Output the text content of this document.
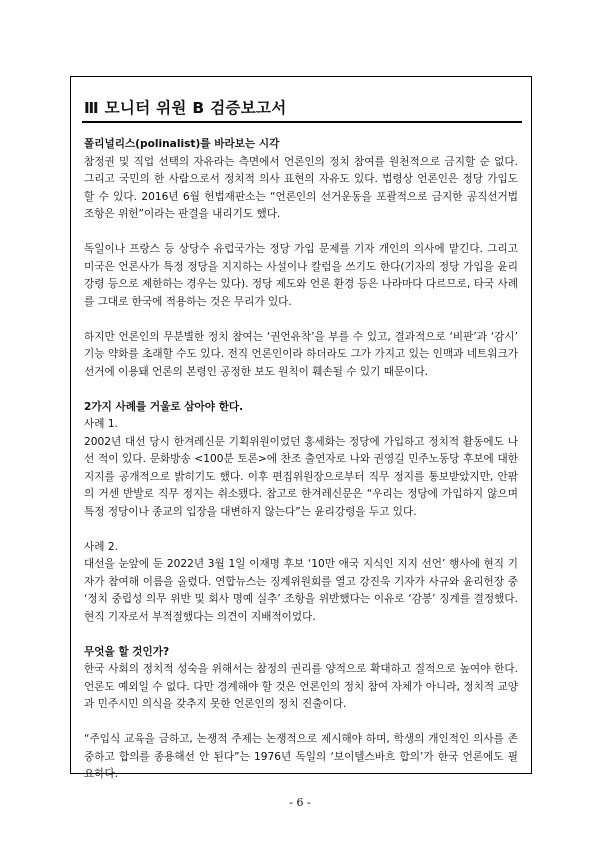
Ⅲ 모니터 위원 B 검증보고서

폴리널리스(polinalist)를 바라보는 시각

참정권 및 직업 선택의 자유라는 측면에서 언론인의 정치 참여를 원천적으로 금지할 순 없다. 그리고 국민의 한 사람으로서 정치적 의사 표현의 자유도 있다. 법령상 언론인은 정당 가입도 할 수 있다. 2016년 6월 헌법재판소는 “언론인의 선거운동을 포괄적으로 금지한 공직선거법 조항은 위헌”이라는 판결을 내리기도 했다.

독일이나 프랑스 등 상당수 유럽국가는 정당 가입 문제를 기자 개인의 의사에 맡긴다. 그리고 미국은 언론사가 특정 정당을 지지하는 사설이나 칼럼을 쓰기도 한다(기자의 정당 가입을 윤리강령 등으로 제한하는 경우는 있다). 정당 제도와 언론 환경 등은 나라마다 다르므로, 타국 사례를 그대로 한국에 적용하는 것은 무리가 있다.

하지만 언론인의 무분별한 정치 참여는 ‘권언유착’을 부를 수 있고, 결과적으로 ‘비판’과 ‘감시’ 기능 약화를 초래할 수도 있다. 전직 언론인이라 하더라도 그가 가지고 있는 인맥과 네트워크가 선거에 이용돼 언론의 본령인 공정한 보도 원칙이 훼손될 수 있기 때문이다.

2가지 사례를 거울로 삼아야 한다.

사례 1.

2002년 대선 당시 한겨레신문 기획위원이었던 홍세화는 정당에 가입하고 정치적 활동에도 나선 적이 있다. 문화방송 <100분 토론>에 찬조 출연자로 나와 권영길 민주노동당 후보에 대한 지지를 공개적으로 밝히기도 했다. 이후 편집위원장으로부터 직무 정지를 통보받았지만, 안팎의 거센 반발로 직무 정지는 취소됐다. 참고로 한겨레신문은 “우리는 정당에 가입하지 않으며 특정 정당이나 종교의 입장을 대변하지 않는다”는 윤리강령을 두고 있다.

사례 2.

대선을 눈앞에 둔 2022년 3월 1일 이재명 후보 ‘10만 애국 지식인 지지 선언’ 행사에 현직 기자가 참여해 이름을 올렸다. 연합뉴스는 징계위원회를 열고 강진욱 기자가 사규와 윤리헌장 중 ‘정치 중립성 의무 위반 및 회사 명예 실추’ 조항을 위반했다는 이유로 ‘감봉’ 징계를 결정했다. 현직 기자로서 부적절했다는 의견이 지배적이었다.

무엇을 할 것인가?

한국 사회의 정치적 성숙을 위해서는 참정의 권리를 양적으로 확대하고 질적으로 높여야 한다. 언론도 예외일 수 없다. 다만 경계해야 할 것은 언론인의 정치 참여 자체가 아니라, 정치적 교양과 민주시민 의식을 갖추지 못한 언론인의 정치 진출이다.

“주입식 교육을 금하고, 논쟁적 주제는 논쟁적으로 제시해야 하며, 학생의 개인적인 의사를 존중하고 합의를 종용해선 안 된다”는 1976년 독일의 ‘보이텔스바흐 합의’가 한국 언론에도 필요하다.

- 6 -
